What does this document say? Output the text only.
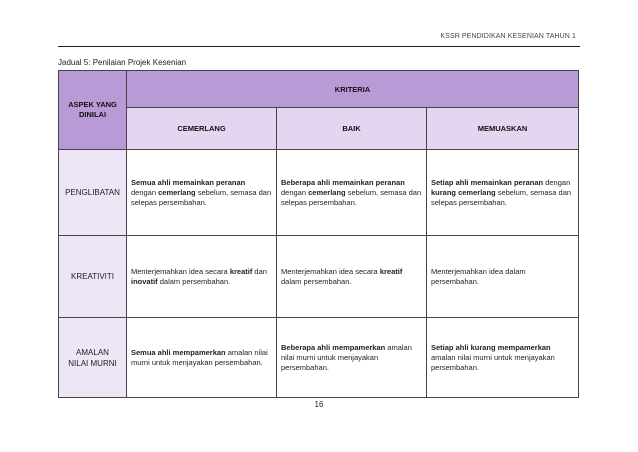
KSSR PENDIDIKAN KESENIAN TAHUN 1
Jadual 5: Penilaian Projek Kesenian
ASPEK YANG DINILAI	KRITERIA		
	CEMERLANG	BAIK	MEMUASKAN
PENGLIBATAN	Semua ahli memainkan peranan dengan cemerlang sebelum, semasa dan selepas persembahan.	Beberapa ahli memainkan peranan dengan cemerlang sebelum, semasa dan selepas persembahan.	Setiap ahli memainkan peranan dengan kurang cemerlang sebelum, semasa dan selepas persembahan.
KREATIVITI	Menterjemahkan idea secara kreatif dan inovatif dalam persembahan.	Menterjemahkan idea secara kreatif dalam persembahan.	Menterjemahkan idea dalam persembahan.
AMALAN NILAI MURNI	Semua ahli mempamerkan amalan nilai murni untuk menjayakan persembahan.	Beberapa ahli mempamerkan amalan nilai murni untuk menjayakan persembahan.	Setiap ahli kurang mempamerkan amalan nilai murni untuk menjayakan persembahan.
16
